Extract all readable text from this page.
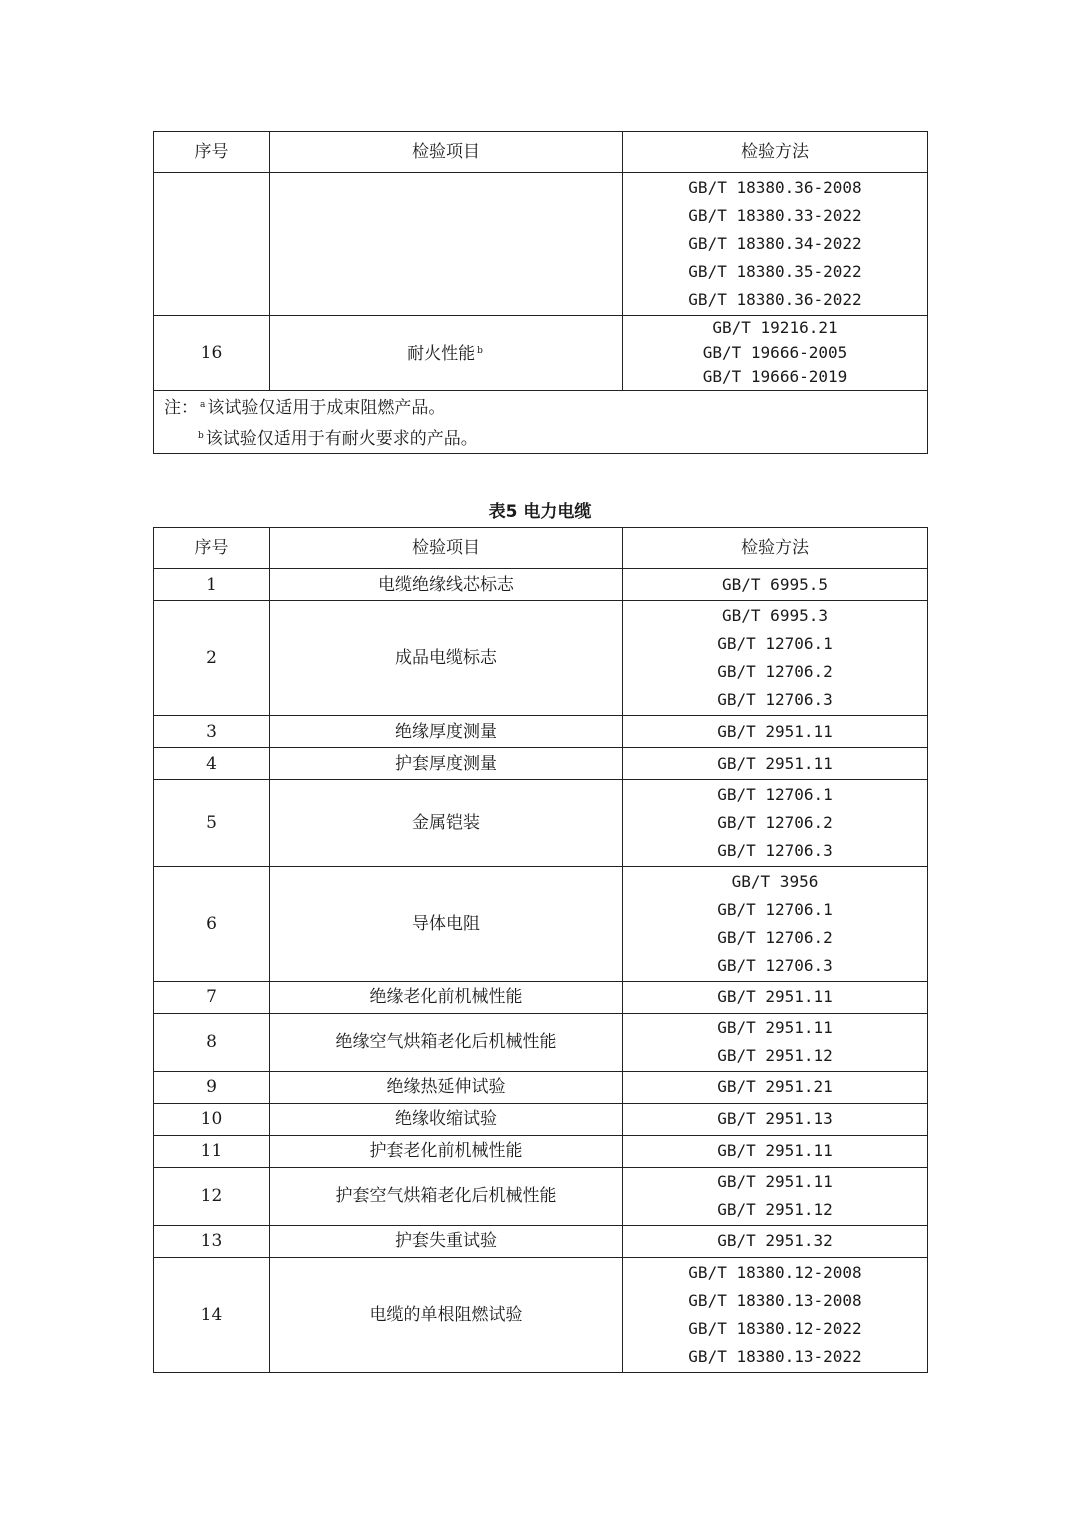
序号	检验项目	检验方法

		GB/T 18380.36-2008
GB/T 18380.33-2022
GB/T 18380.34-2022
GB/T 18380.35-2022
GB/T 18380.36-2022

16	耐火性能 $^b$	GB/T 19216.21
GB/T 19666-2005
GB/T 19666-2019

注： $^a$ 该试验仅适用于成束阻燃产品。
$^b$ 该试验仅适用于有耐火要求的产品。		
表5 电力电缆
序号	检验项目	检验方法
1	电缆绝缘线芯标志	GB/T 6995.5

2	成品电缆标志	GB/T 6995.3
GB/T 12706.1
GB/T 12706.2
GB/T 12706.3

3	绝缘厚度测量	GB/T 2951.11

4	护套厚度测量	GB/T 2951.11

5	金属铠装	GB/T 12706.1
GB/T 12706.2
GB/T 12706.3

6	导体电阻	GB/T 3956
GB/T 12706.1
GB/T 12706.2
GB/T 12706.3

7	绝缘老化前机械性能	GB/T 2951.11

8	绝缘空气烘箱老化后机械性能	GB/T 2951.11
GB/T 2951.12

9	绝缘热延伸试验	GB/T 2951.21

10	绝缘收缩试验	GB/T 2951.13

11	护套老化前机械性能	GB/T 2951.11

12	护套空气烘箱老化后机械性能	GB/T 2951.11
GB/T 2951.12

13	护套失重试验	GB/T 2951.32

14	电缆的单根阻燃试验	GB/T 18380.12-2008
GB/T 18380.13-2008
GB/T 18380.12-2022
GB/T 18380.13-2022
